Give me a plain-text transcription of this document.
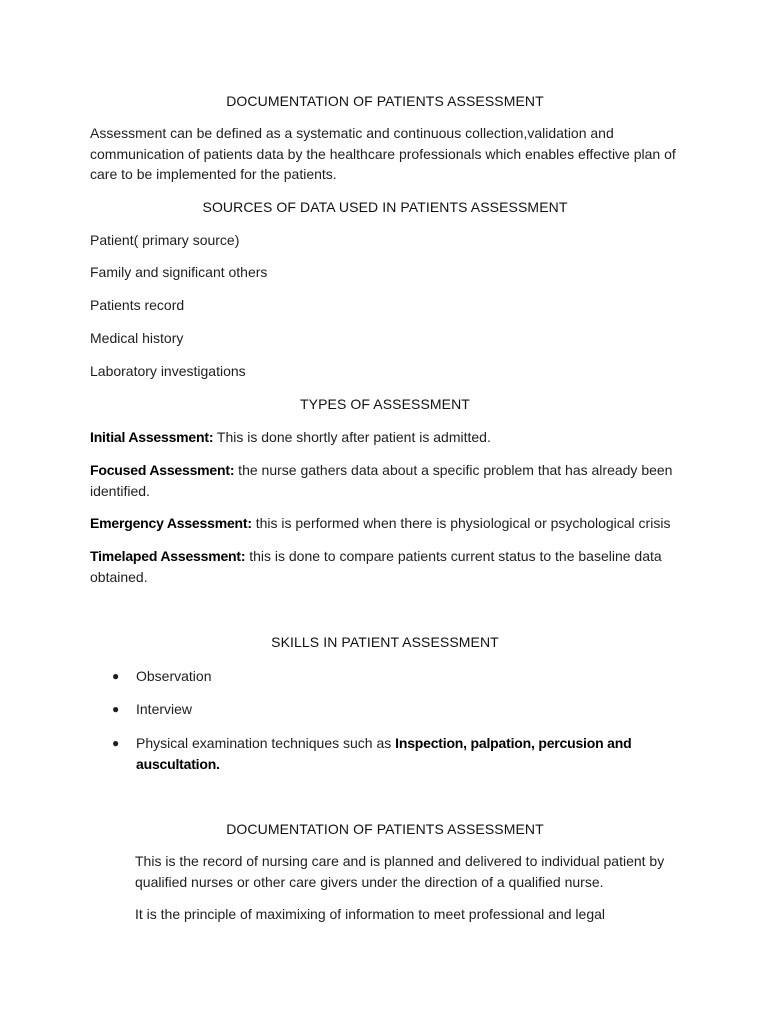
DOCUMENTATION OF PATIENTS ASSESSMENT

Assessment can be defined as a systematic and continuous collection,validation and communication of patients data by the healthcare professionals which enables effective plan of care to be implemented for the patients.

SOURCES OF DATA USED IN PATIENTS ASSESSMENT

Patient( primary source)

Family and significant others

Patients record

Medical history

Laboratory investigations

TYPES OF ASSESSMENT

Initial Assessment: This is done shortly after patient is admitted.

Focused Assessment: the nurse gathers data about a specific problem that has already been identified.

Emergency Assessment: this is performed when there is physiological or psychological crisis

Timelaped Assessment: this is done to compare patients current status to the baseline data obtained.

SKILLS IN PATIENT ASSESSMENT

●	Observation
●	Interview
●	Physical examination techniques such as Inspection, palpation, percusion and auscultation.

DOCUMENTATION OF PATIENTS ASSESSMENT

This is the record of nursing care and is planned and delivered to individual patient by qualified nurses or other care givers under the direction of a qualified nurse.

It is the principle of maximixing of information to meet professional and legal
